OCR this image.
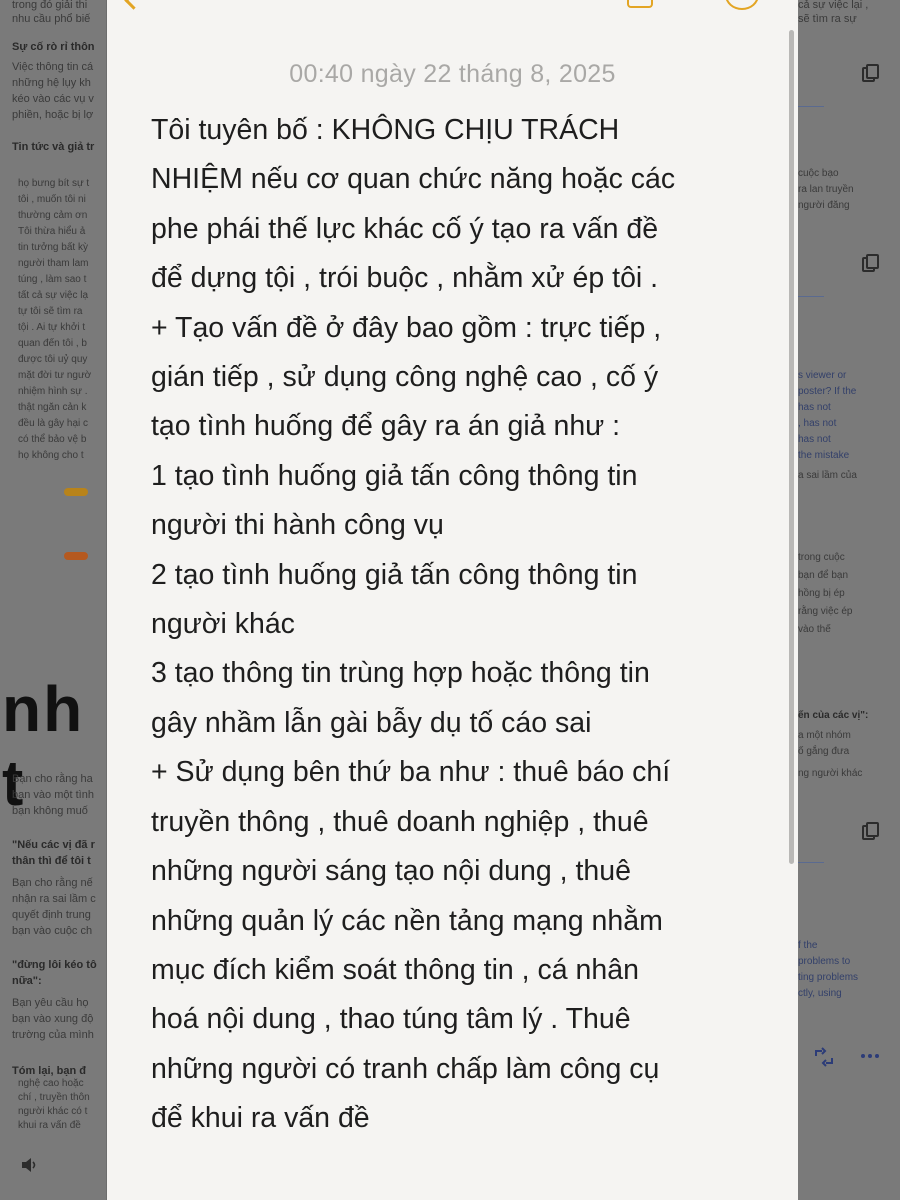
trong đó giải thi
nhu cầu phổ biế
Sự cố rò rỉ thôn
Việc thông tin cá
những hệ lụy kh
kéo vào các vụ v
phiền, hoặc bị lợ
Tin tức và giả tr
họ bưng bít sự t
tôi , muốn tôi ni
thường cảm ơn
Tôi thừa hiểu ả
tin tưởng bất kỳ
người tham lam
túng , làm sao t
tất cả sự việc lạ
tự tôi sẽ tìm ra
tội . Ai tự khởi t
quan đến tôi , b
được tôi uỷ quy
mặt đời tư ngườ
nhiệm hình sự .
thật ngăn cản k
đều là gây hại c
có thể bảo vệ b
họ không cho t
nh t
Bạn cho rằng ha
bạn vào một tình
bạn không muố
"Nếu các vị đã r
thân thì để tôi t
Bạn cho rằng nế
nhận ra sai lầm c
quyết định trung
bạn vào cuộc ch
"đừng lôi kéo tô
nữa":
Bạn yêu cầu họ
bạn vào xung độ
trường của mình
Tóm lại, bạn đ
nghệ cao hoặc
chí , truyền thôn
người khác có t
khui ra vấn đề
cả sự việc lại ,
sẽ tìm ra sự
cuộc bạo
ra lan truyền
người đăng
s viewer or
poster? If the
has not
, has not
has not
the mistake
a sai lầm của
trong cuộc
bạn để bạn
hồng bị ép
rằng việc ép
vào thế
ến của các vị":
a một nhóm
ố gắng đưa
ng người khác
f the
problems to
ting problems
ctly, using
00:40 ngày 22 tháng 8, 2025
Tôi tuyên bố : KHÔNG CHỊU TRÁCH
NHIỆM nếu cơ quan chức năng hoặc các
phe phái thế lực khác cố ý tạo ra vấn đề
để dựng tội , trói buộc , nhằm xử ép tôi .
+ Tạo vấn đề ở đây bao gồm : trực tiếp ,
gián tiếp , sử dụng công nghệ cao , cố ý
tạo tình huống để gây ra án giả như :
1 tạo tình huống giả tấn công thông tin
người thi hành công vụ
2 tạo tình huống giả tấn công thông tin
người khác
3 tạo thông tin trùng hợp hoặc thông tin
gây nhầm lẫn gài bẫy dụ tố cáo sai
+ Sử dụng bên thứ ba như : thuê báo chí
truyền thông , thuê doanh nghiệp , thuê
những người sáng tạo nội dung , thuê
những quản lý các nền tảng mạng nhằm
mục đích kiểm soát thông tin , cá nhân
hoá nội dung , thao túng tâm lý . Thuê
những người có tranh chấp làm công cụ
để khui ra vấn đề
